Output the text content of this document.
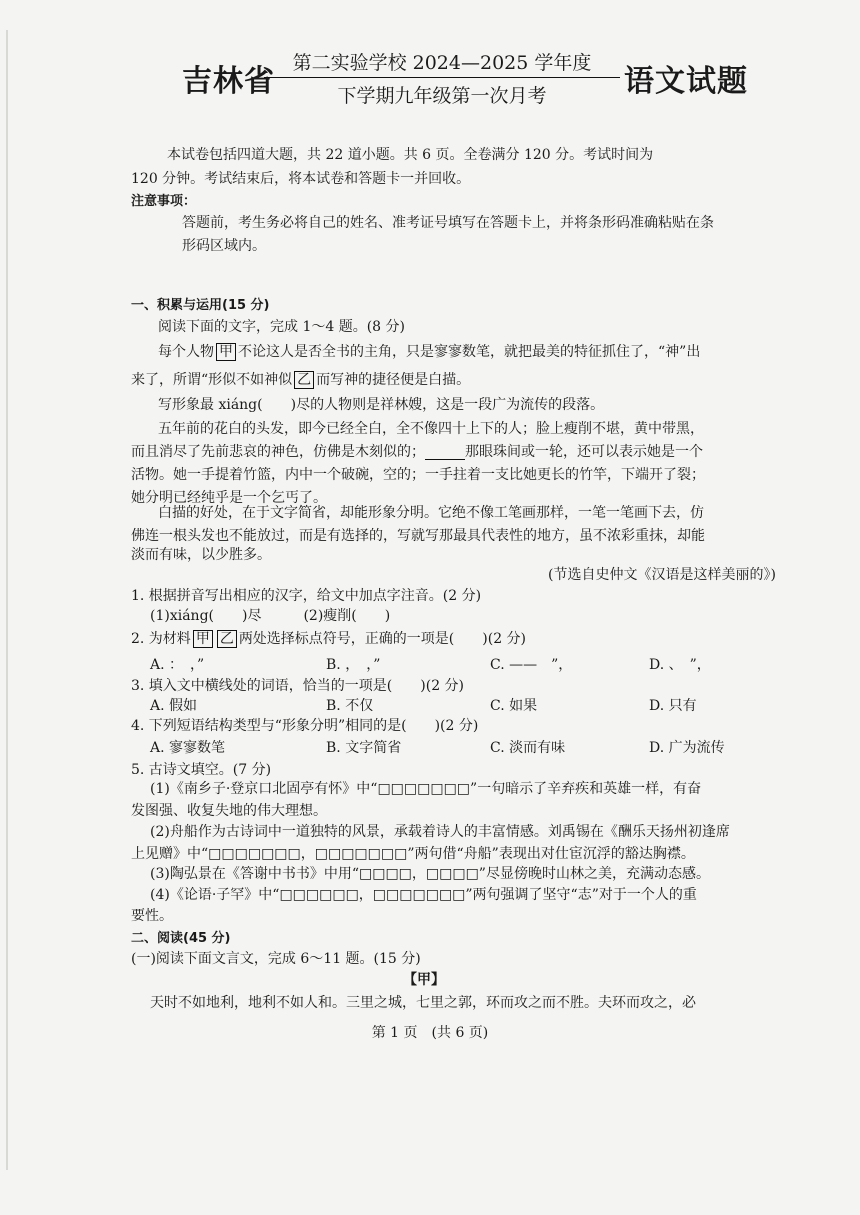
吉林省
第二实验学校 2024—2025 学年度
下学期九年级第一次月考	语文试题
本试卷包括四道大题，共 22 道小题。共 6 页。全卷满分 120 分。考试时间为
120 分钟。考试结束后，将本试卷和答题卡一并回收。
注意事项：
答题前，考生务必将自己的姓名、准考证号填写在答题卡上，并将条形码准确粘贴在条
形码区域内。
一、积累与运用(15 分)
阅读下面的文字，完成 1～4 题。(8 分)
每个人物 甲 不论这人是否全书的主角，只是寥寥数笔，就把最美的特征抓住了，“神”出
来了，所谓“形似不如神似 乙 而写神的捷径便是白描。
写形象最 xiáng(　　)尽的人物则是祥林嫂，这是一段广为流传的段落。
五年前的花白的头发，即今已经全白，全不像四十上下的人；脸上瘦削不堪，黄中带黑，
而且消尽了先前悲哀的神色，仿佛是木刻似的；	那眼珠间或一轮，还可以表示她是一个
活物。她一手提着竹篮，内中一个破碗，空的；一手拄着一支比她更长的竹竿，下端开了裂；
她分明已经纯乎是一个乞丐了。
白描的好处，在于文字简省，却能形象分明。它绝不像工笔画那样，一笔一笔画下去，仿
佛连一根头发也不能放过，而是有选择的，写就写那最具代表性的地方，虽不浓彩重抹，却能
淡而有味，以少胜多。
(节选自史仲文《汉语是这样美丽的》)
1. 根据拼音写出相应的汉字，给文中加点字注音。(2 分)
(1)xiáng(　　)尽　　　(2)瘦削(　　)
2. 为材料 甲 乙 两处选择标点符号，正确的一项是(　　)(2 分)
A. ：　，”	B. ，　，”	C. ——　”，	D. 、　”，
3. 填入文中横线处的词语，恰当的一项是(　　)(2 分)
A. 假如	B. 不仅	C. 如果	D. 只有
4. 下列短语结构类型与“形象分明”相同的是(　　)(2 分)
A. 寥寥数笔	B. 文字简省	C. 淡而有味	D. 广为流传
5. 古诗文填空。(7 分)
(1)《南乡子·登京口北固亭有怀》中“□□□□□□□”一句暗示了辛弃疾和英雄一样，有奋
发图强、收复失地的伟大理想。
(2)舟船作为古诗词中一道独特的风景，承载着诗人的丰富情感。刘禹锡在《酬乐天扬州初逢席
上见赠》中“□□□□□□□，□□□□□□□”两句借“舟船”表现出对仕宦沉浮的豁达胸襟。
(3)陶弘景在《答谢中书书》中用“□□□□，□□□□”尽显傍晚时山林之美，充满动态感。
(4)《论语·子罕》中“□□□□□□，□□□□□□□”两句强调了坚守“志”对于一个人的重
要性。
二、阅读(45 分)
(一)阅读下面文言文，完成 6～11 题。(15 分)
【甲】
天时不如地利，地利不如人和。三里之城，七里之郭，环而攻之而不胜。夫环而攻之，必
第 1 页　(共 6 页)
